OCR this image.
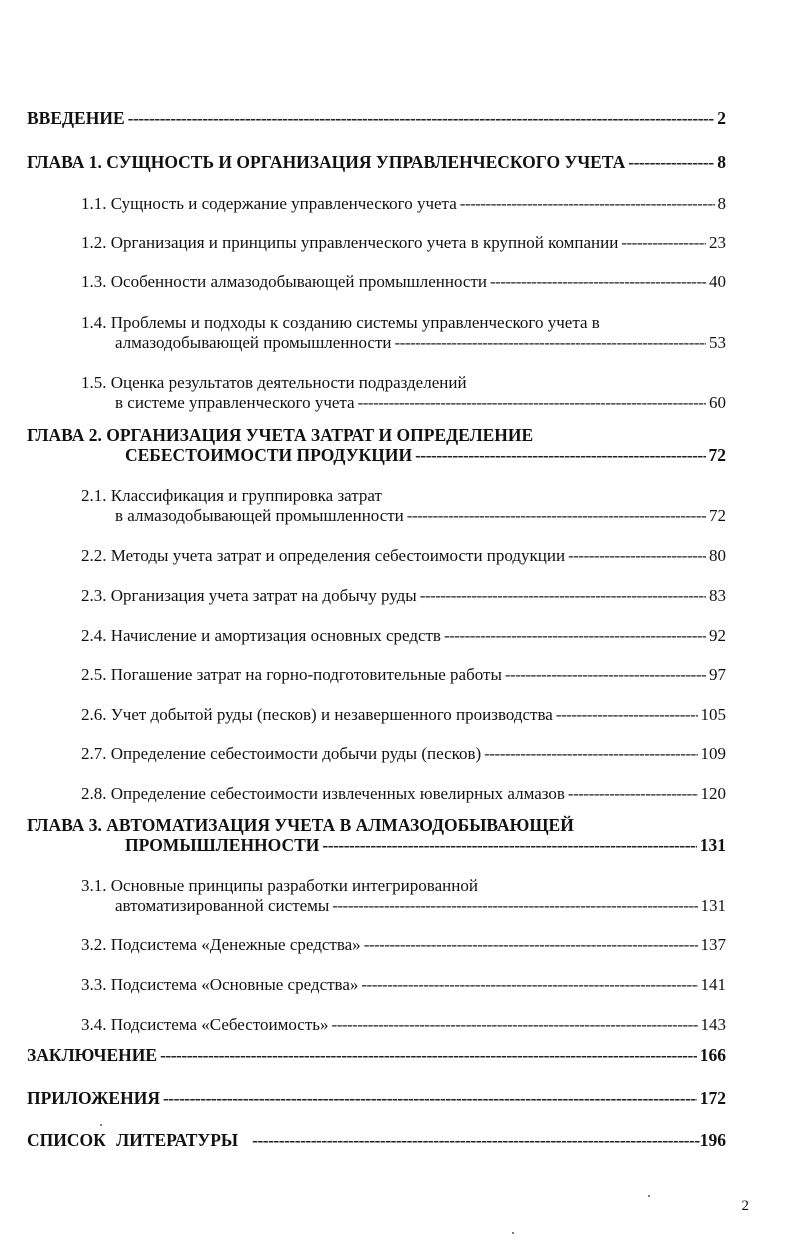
ВВЕДЕНИЕ -----	2
ГЛАВА 1. СУЩНОСТЬ И ОРГАНИЗАЦИЯ УПРАВЛЕНЧЕСКОГО УЧЕТА -----	8
1.1. Сущность и содержание управленческого учета -----	8
1.2. Организация и принципы управленческого учета в крупной компании -----	23
1.3. Особенности алмазодобывающей промышленности -----	40
1.4. Проблемы и подходы к созданию системы управленческого учета в
алмазодобывающей промышленности -----	53
1.5. Оценка результатов деятельности подразделений
в системе управленческого учета -----	60
ГЛАВА 2. ОРГАНИЗАЦИЯ УЧЕТА ЗАТРАТ И ОПРЕДЕЛЕНИЕ
СЕБЕСТОИМОСТИ ПРОДУКЦИИ -----	72
2.1. Классификация и группировка затрат
в алмазодобывающей промышленности -----	72
2.2. Методы учета затрат и определения себестоимости продукции -----	80
2.3. Организация учета затрат на добычу руды -----	83
2.4. Начисление и амортизация основных средств -----	92
2.5. Погашение затрат на горно-подготовительные работы -----	97
2.6. Учет добытой руды (песков) и незавершенного производства -----	105
2.7. Определение себестоимости добычи руды (песков) -----	109
2.8. Определение себестоимости извлеченных ювелирных алмазов -----	120
ГЛАВА 3. АВТОМАТИЗАЦИЯ УЧЕТА В АЛМАЗОДОБЫВАЮЩЕЙ
ПРОМЫШЛЕННОСТИ -----	131
3.1. Основные принципы разработки интегрированной
автоматизированной системы -----	131
3.2. Подсистема «Денежные средства» -----	137
3.3. Подсистема «Основные средства» -----	141
3.4. Подсистема «Себестоимость» -----	143
ЗАКЛЮЧЕНИЕ -----	166
ПРИЛОЖЕНИЯ -----	172
СПИСОК ЛИТЕРАТУРЫ -----	196
2
